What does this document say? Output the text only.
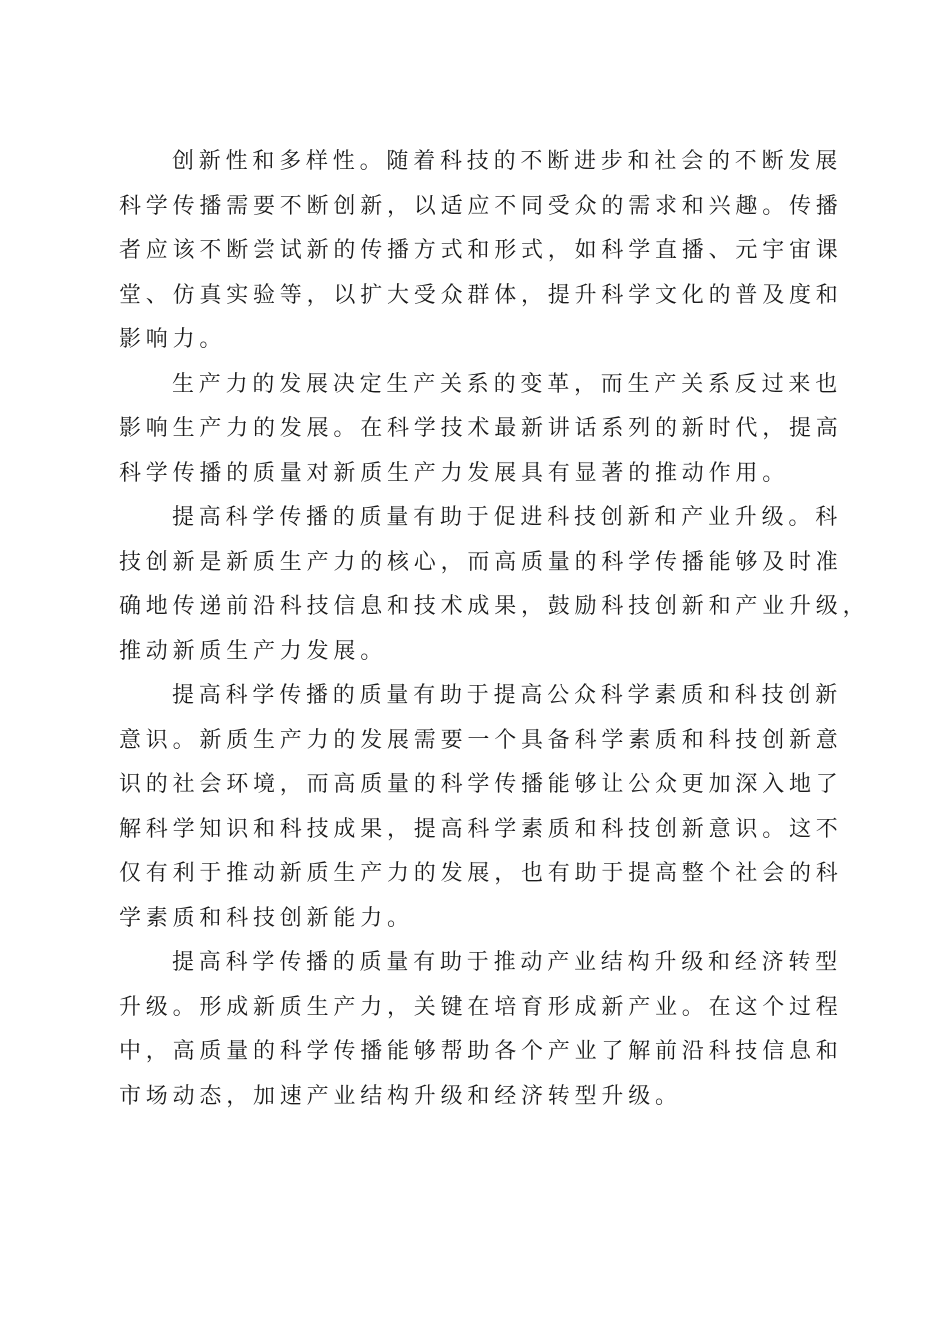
创新性和多样性。随着科技的不断进步和社会的不断发展
科学传播需要不断创新，以适应不同受众的需求和兴趣。传播
者应该不断尝试新的传播方式和形式，如科学直播、元宇宙课
堂、仿真实验等，以扩大受众群体，提升科学文化的普及度和
影响力。

生产力的发展决定生产关系的变革，而生产关系反过来也
影响生产力的发展。在科学技术最新讲话系列的新时代，提高
科学传播的质量对新质生产力发展具有显著的推动作用。

提高科学传播的质量有助于促进科技创新和产业升级。科
技创新是新质生产力的核心，而高质量的科学传播能够及时准
确地传递前沿科技信息和技术成果，鼓励科技创新和产业升级，
推动新质生产力发展。

提高科学传播的质量有助于提高公众科学素质和科技创新
意识。新质生产力的发展需要一个具备科学素质和科技创新意
识的社会环境，而高质量的科学传播能够让公众更加深入地了
解科学知识和科技成果，提高科学素质和科技创新意识。这不
仅有利于推动新质生产力的发展，也有助于提高整个社会的科
学素质和科技创新能力。

提高科学传播的质量有助于推动产业结构升级和经济转型
升级。形成新质生产力，关键在培育形成新产业。在这个过程
中，高质量的科学传播能够帮助各个产业了解前沿科技信息和
市场动态，加速产业结构升级和经济转型升级。
